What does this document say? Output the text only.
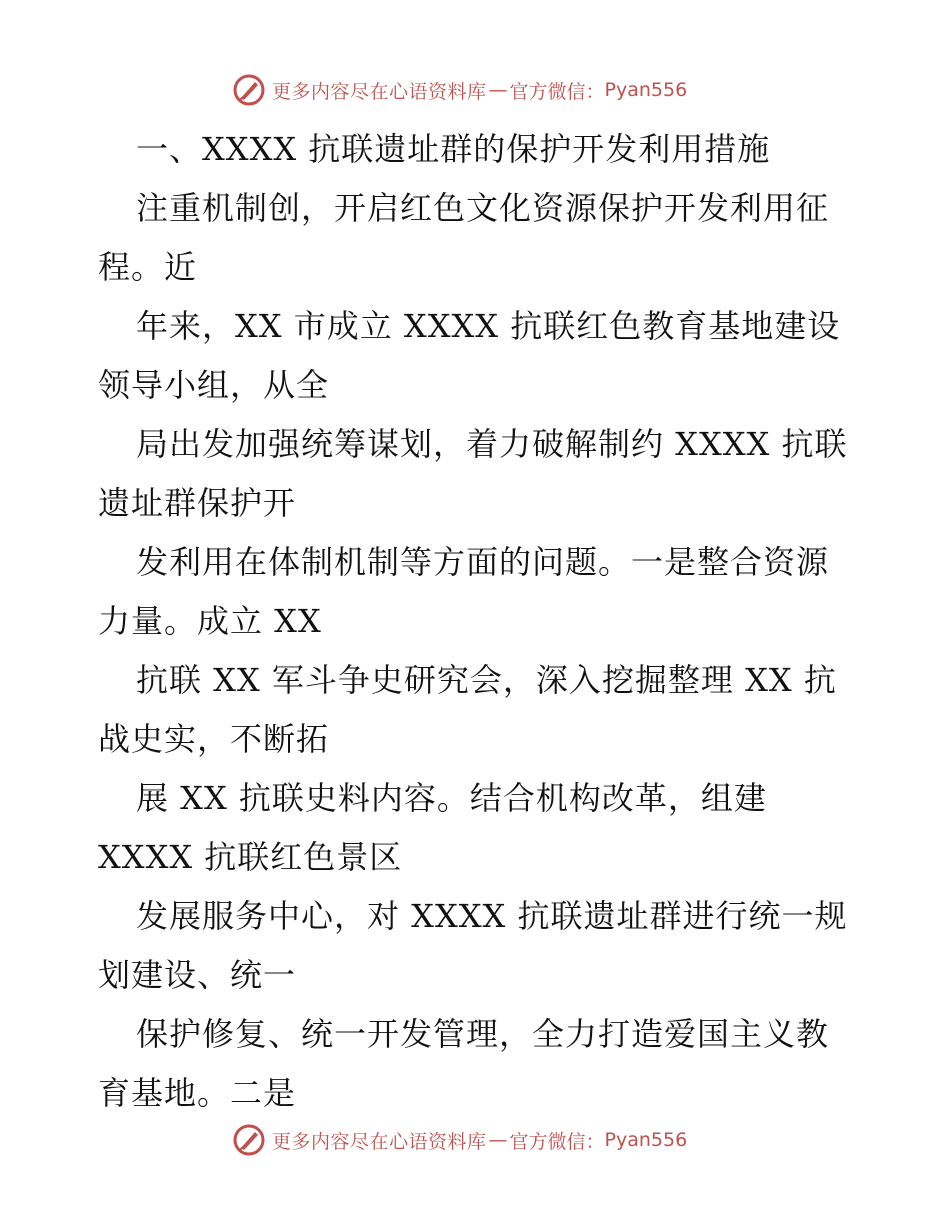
更多内容尽在心语资料库 — 官方微信： Pyan556
一、XXXX 抗联遗址群的保护开发利用措施
注重机制创，开启红色文化资源保护开发利用征
程。近
年来，XX 市成立 XXXX 抗联红色教育基地建设
领导小组，从全
局出发加强统筹谋划，着力破解制约 XXXX 抗联
遗址群保护开
发利用在体制机制等方面的问题。一是整合资源
力量。成立 XX
抗联 XX 军斗争史研究会，深入挖掘整理 XX 抗
战史实，不断拓
展 XX 抗联史料内容。结合机构改革，组建
XXXX 抗联红色景区
发展服务中心，对 XXXX 抗联遗址群进行统一规
划建设、统一
保护修复、统一开发管理，全力打造爱国主义教
育基地。二是
更多内容尽在心语资料库 — 官方微信： Pyan556
